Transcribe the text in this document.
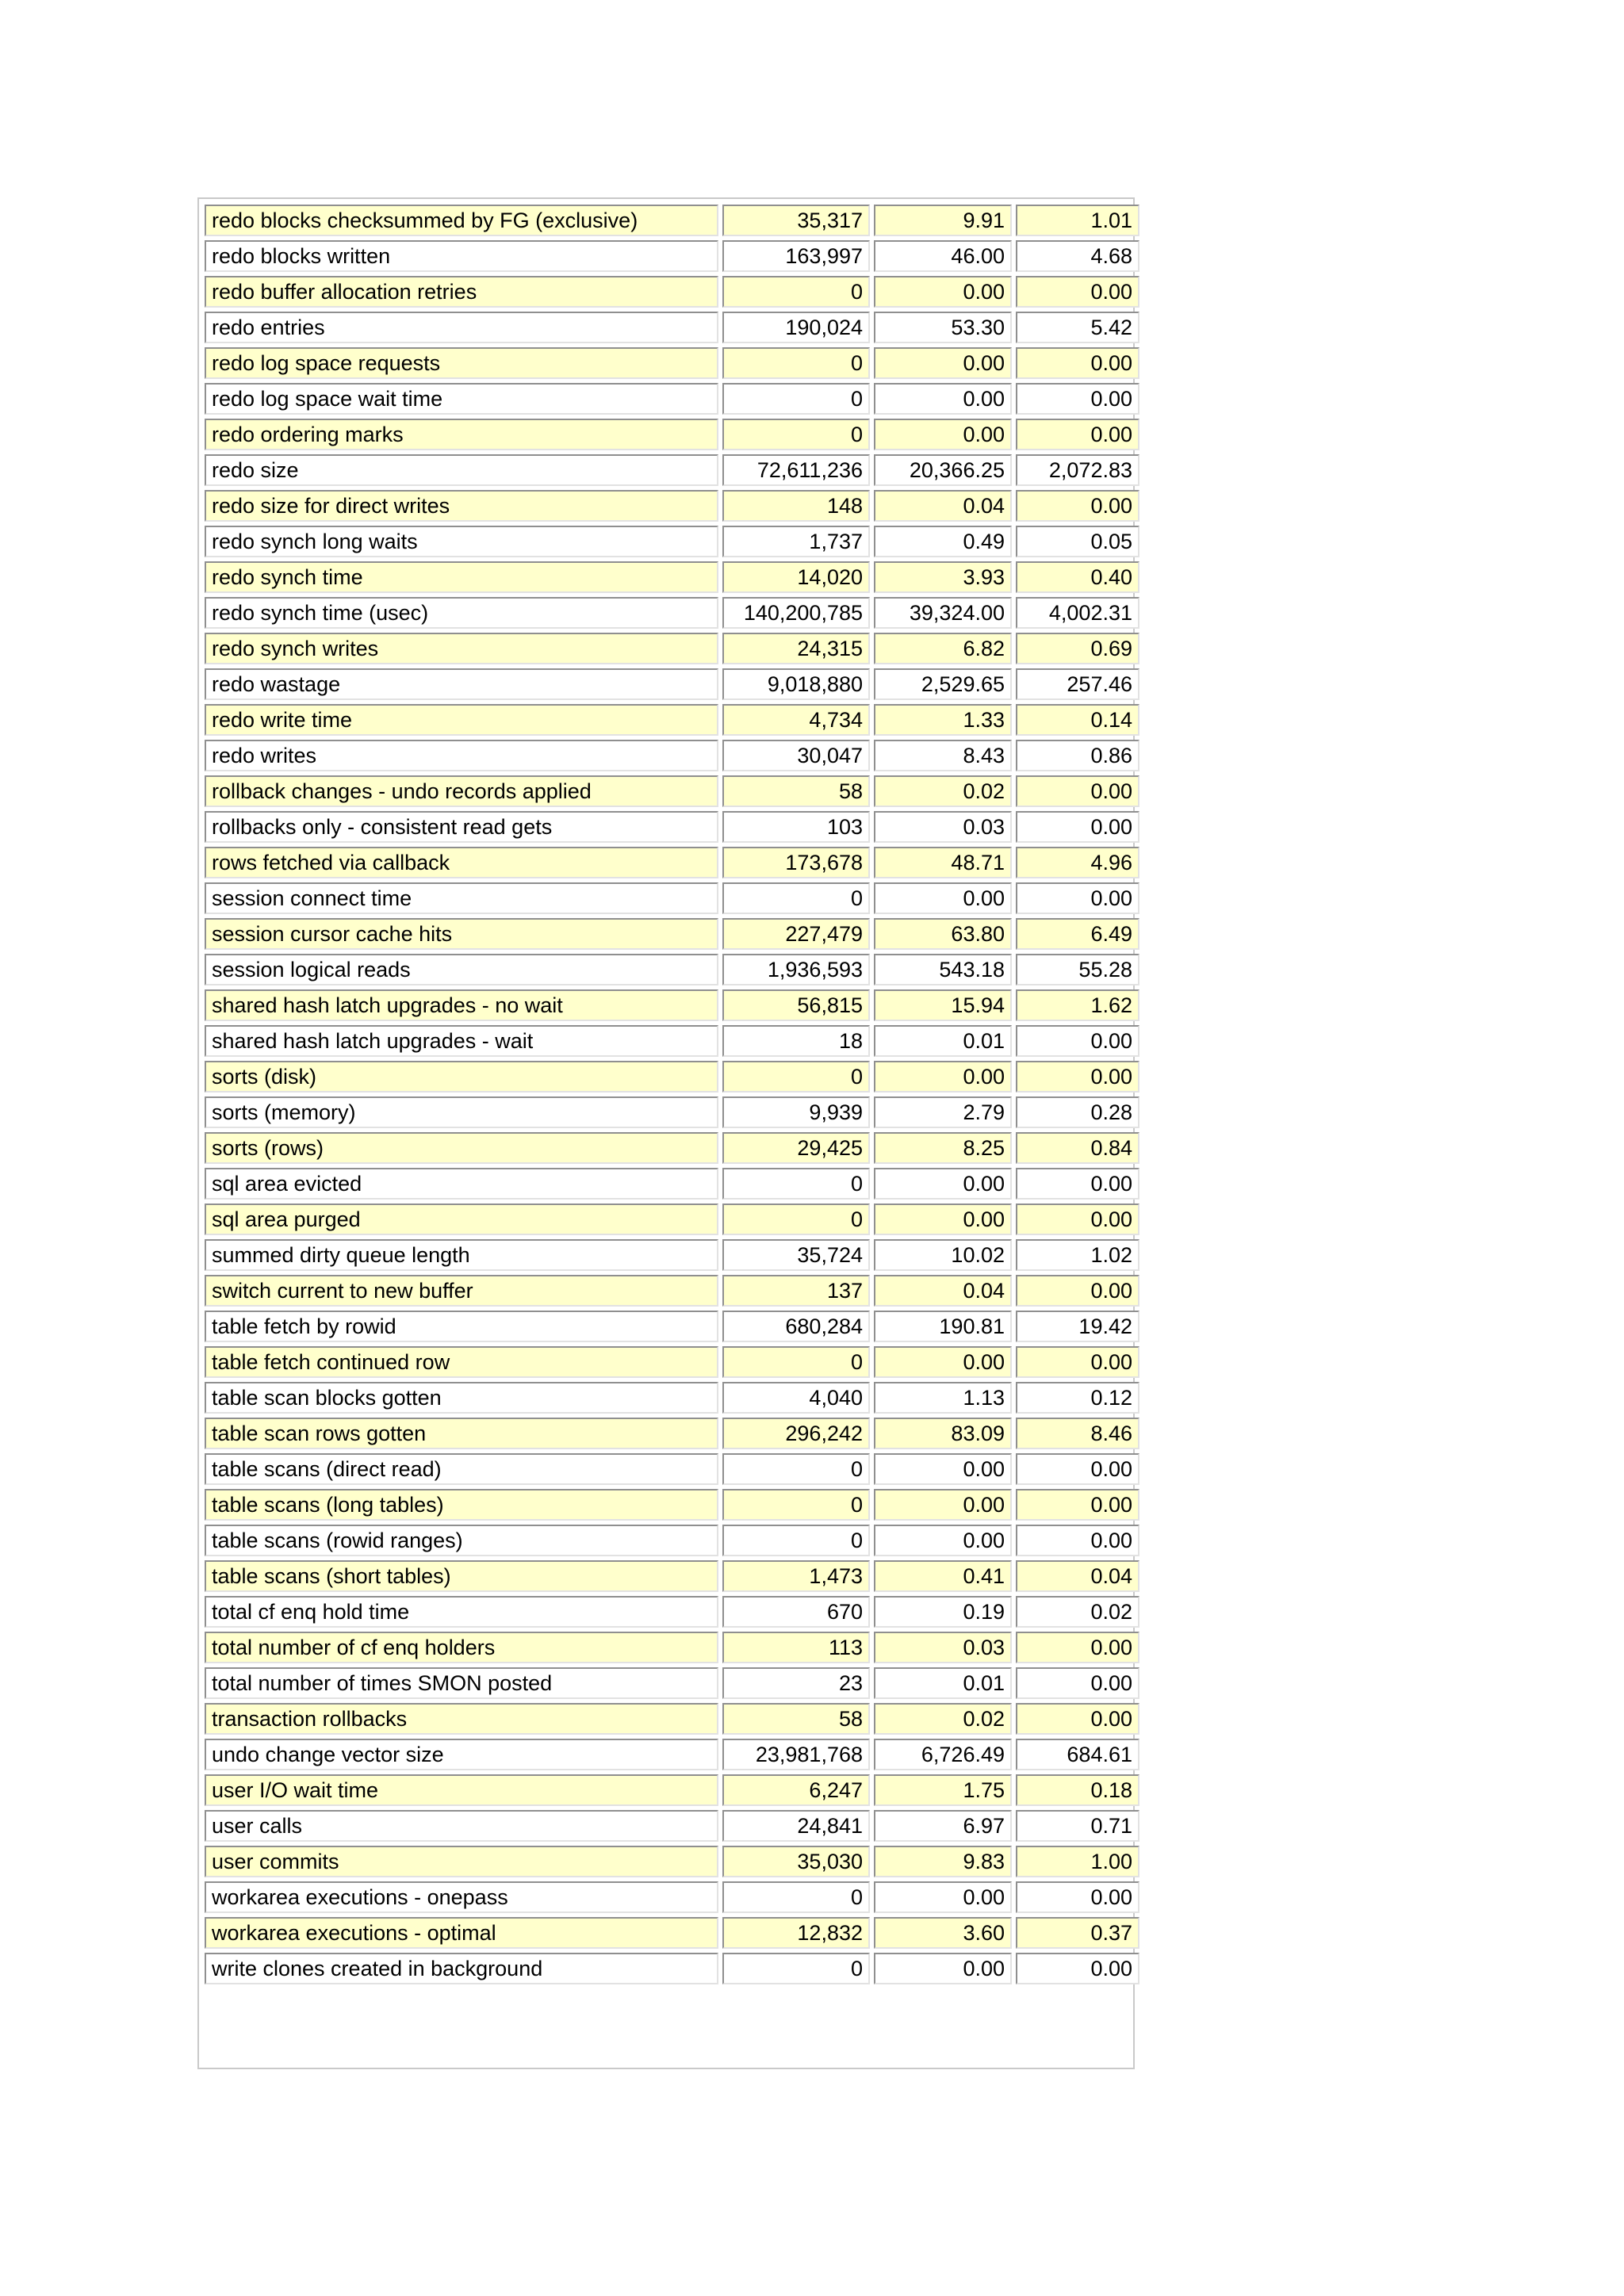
redo blocks checksummed by FG (exclusive)	35,317	9.91	1.01
redo blocks written	163,997	46.00	4.68
redo buffer allocation retries	0	0.00	0.00
redo entries	190,024	53.30	5.42
redo log space requests	0	0.00	0.00
redo log space wait time	0	0.00	0.00
redo ordering marks	0	0.00	0.00
redo size	72,611,236	20,366.25	2,072.83
redo size for direct writes	148	0.04	0.00
redo synch long waits	1,737	0.49	0.05
redo synch time	14,020	3.93	0.40
redo synch time (usec)	140,200,785	39,324.00	4,002.31
redo synch writes	24,315	6.82	0.69
redo wastage	9,018,880	2,529.65	257.46
redo write time	4,734	1.33	0.14
redo writes	30,047	8.43	0.86
rollback changes - undo records applied	58	0.02	0.00
rollbacks only - consistent read gets	103	0.03	0.00
rows fetched via callback	173,678	48.71	4.96
session connect time	0	0.00	0.00
session cursor cache hits	227,479	63.80	6.49
session logical reads	1,936,593	543.18	55.28
shared hash latch upgrades - no wait	56,815	15.94	1.62
shared hash latch upgrades - wait	18	0.01	0.00
sorts (disk)	0	0.00	0.00
sorts (memory)	9,939	2.79	0.28
sorts (rows)	29,425	8.25	0.84
sql area evicted	0	0.00	0.00
sql area purged	0	0.00	0.00
summed dirty queue length	35,724	10.02	1.02
switch current to new buffer	137	0.04	0.00
table fetch by rowid	680,284	190.81	19.42
table fetch continued row	0	0.00	0.00
table scan blocks gotten	4,040	1.13	0.12
table scan rows gotten	296,242	83.09	8.46
table scans (direct read)	0	0.00	0.00
table scans (long tables)	0	0.00	0.00
table scans (rowid ranges)	0	0.00	0.00
table scans (short tables)	1,473	0.41	0.04
total cf enq hold time	670	0.19	0.02
total number of cf enq holders	113	0.03	0.00
total number of times SMON posted	23	0.01	0.00
transaction rollbacks	58	0.02	0.00
undo change vector size	23,981,768	6,726.49	684.61
user I/O wait time	6,247	1.75	0.18
user calls	24,841	6.97	0.71
user commits	35,030	9.83	1.00
workarea executions - onepass	0	0.00	0.00
workarea executions - optimal	12,832	3.60	0.37
write clones created in background	0	0.00	0.00
